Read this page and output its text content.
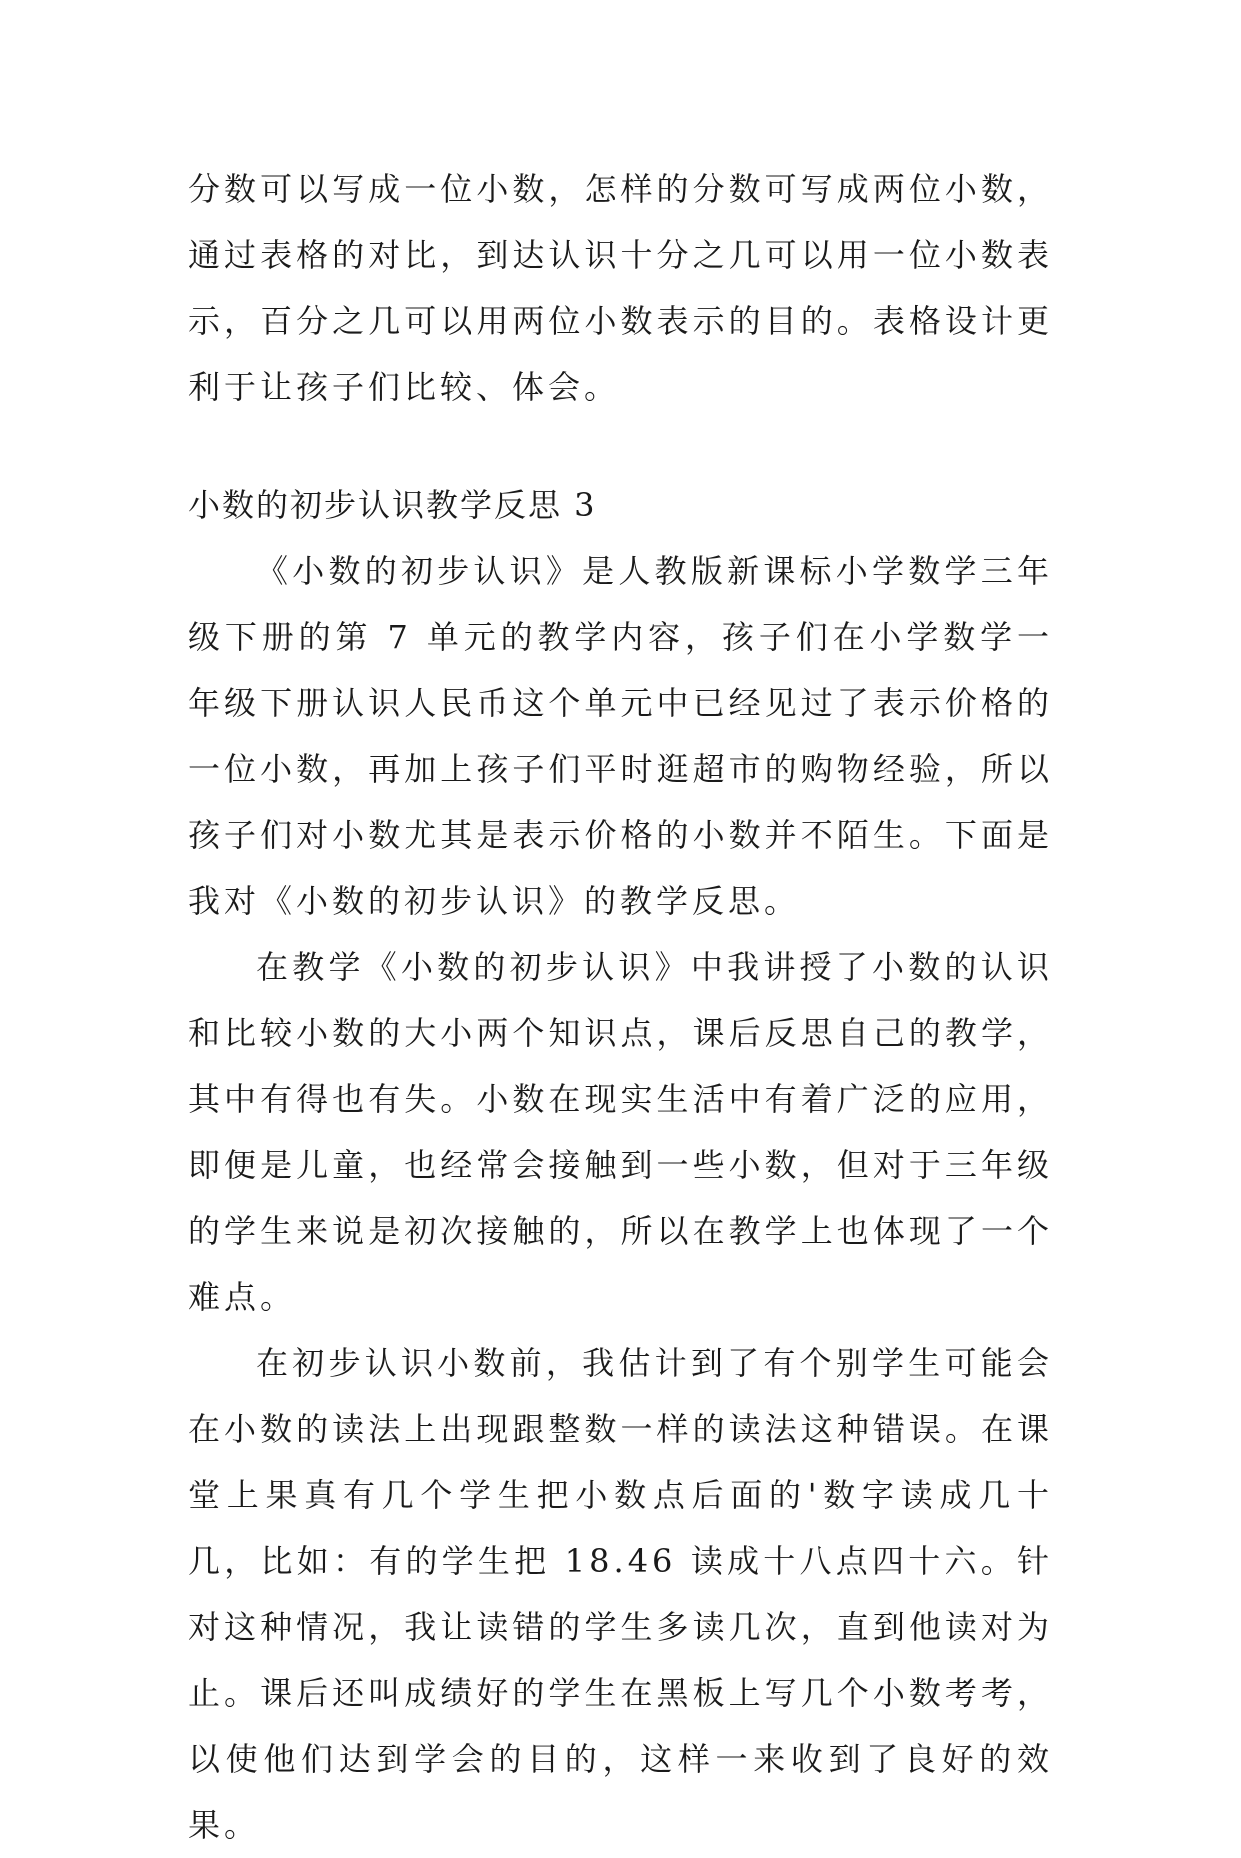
分数可以写成一位小数，怎样的分数可写成两位小数，通过表格的对比，到达认识十分之几可以用一位小数表示，百分之几可以用两位小数表示的目的。表格设计更利于让孩子们比较、体会。

小数的初步认识教学反思 3

《小数的初步认识》是人教版新课标小学数学三年级下册的第 7 单元的教学内容，孩子们在小学数学一年级下册认识人民币这个单元中已经见过了表示价格的一位小数，再加上孩子们平时逛超市的购物经验，所以孩子们对小数尤其是表示价格的小数并不陌生。下面是我对《小数的初步认识》的教学反思。

在教学《小数的初步认识》中我讲授了小数的认识和比较小数的大小两个知识点，课后反思自己的教学，其中有得也有失。小数在现实生活中有着广泛的应用，即便是儿童，也经常会接触到一些小数，但对于三年级的学生来说是初次接触的，所以在教学上也体现了一个难点。

在初步认识小数前，我估计到了有个别学生可能会在小数的读法上出现跟整数一样的读法这种错误。在课堂上果真有几个学生把小数点后面的'数字读成几十几，比如：有的学生把 18.46 读成十八点四十六。针对这种情况，我让读错的学生多读几次，直到他读对为止。课后还叫成绩好的学生在黑板上写几个小数考考，以使他们达到学会的目的，这样一来收到了良好的效果。
